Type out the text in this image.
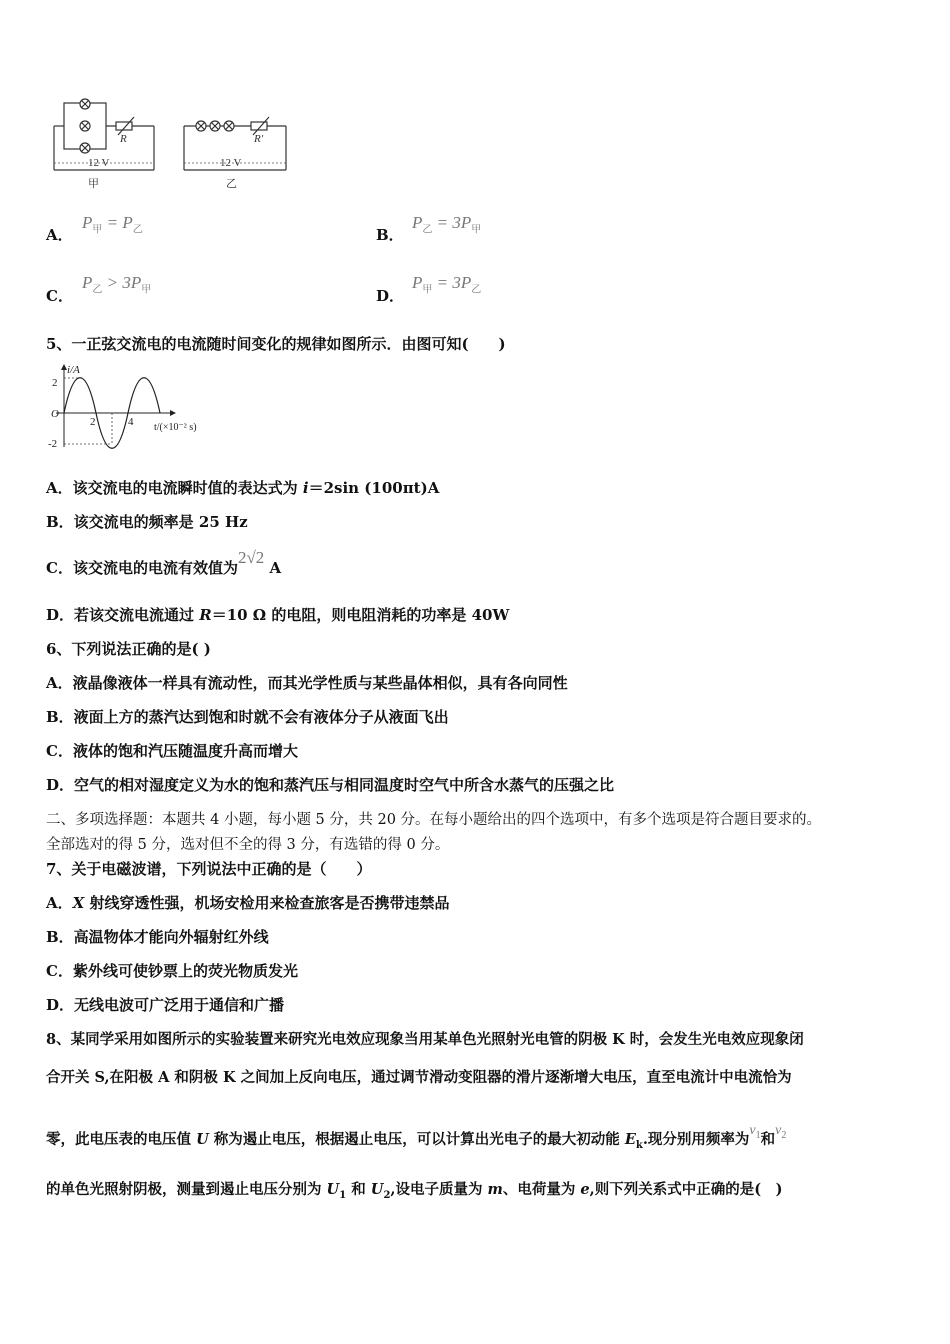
R
12 V
甲
R′
12 V
乙
A．
$P_甲 = P_乙$	B．
$P_乙 = 3P_甲$
C．
$P_乙 > 3P_甲$	D．
$P_甲 = 3P_乙$
5、一正弦交流电的电流随时间变化的规律如图所示．由图可知(　　)
i/A
2
O
-2
2	4 t/(×10⁻² s)
A．该交流电的电流瞬时值的表达式为 i＝2sin (100πt)A
B．该交流电的频率是 25 Hz
C．该交流电的电流有效值为2√2 A
D．若该交流电流通过 R＝10 Ω 的电阻，则电阻消耗的功率是 40W
6、下列说法正确的是( )
A．液晶像液体一样具有流动性，而其光学性质与某些晶体相似，具有各向同性
B．液面上方的蒸汽达到饱和时就不会有液体分子从液面飞出
C．液体的饱和汽压随温度升高而增大
D．空气的相对湿度定义为水的饱和蒸汽压与相同温度时空气中所含水蒸气的压强之比
二、多项选择题：本题共 4 小题，每小题 5 分，共 20 分。在每小题给出的四个选项中，有多个选项是符合题目要求的。
全部选对的得 5 分，选对但不全的得 3 分，有选错的得 0 分。
7、关于电磁波谱，下列说法中正确的是（　　）
A．X 射线穿透性强，机场安检用来检查旅客是否携带违禁品
B．高温物体才能向外辐射红外线
C．紫外线可使钞票上的荧光物质发光
D．无线电波可广泛用于通信和广播
8、某同学采用如图所示的实验装置来研究光电效应现象当用某单色光照射光电管的阴极 K 时，会发生光电效应现象闭
合开关 S,在阳极 A 和阴极 K 之间加上反向电压，通过调节滑动变阻器的滑片逐渐增大电压，直至电流计中电流恰为
零，此电压表的电压值 U 称为遏止电压，根据遏止电压，可以计算出光电子的最大初动能 $E_k$.现分别用频率为$\nu_1$和$\nu_2$
的单色光照射阴极，测量到遏止电压分别为 $U_1$ 和 $U_2$,设电子质量为 m、电荷量为 e,则下列关系式中正确的是(　)
